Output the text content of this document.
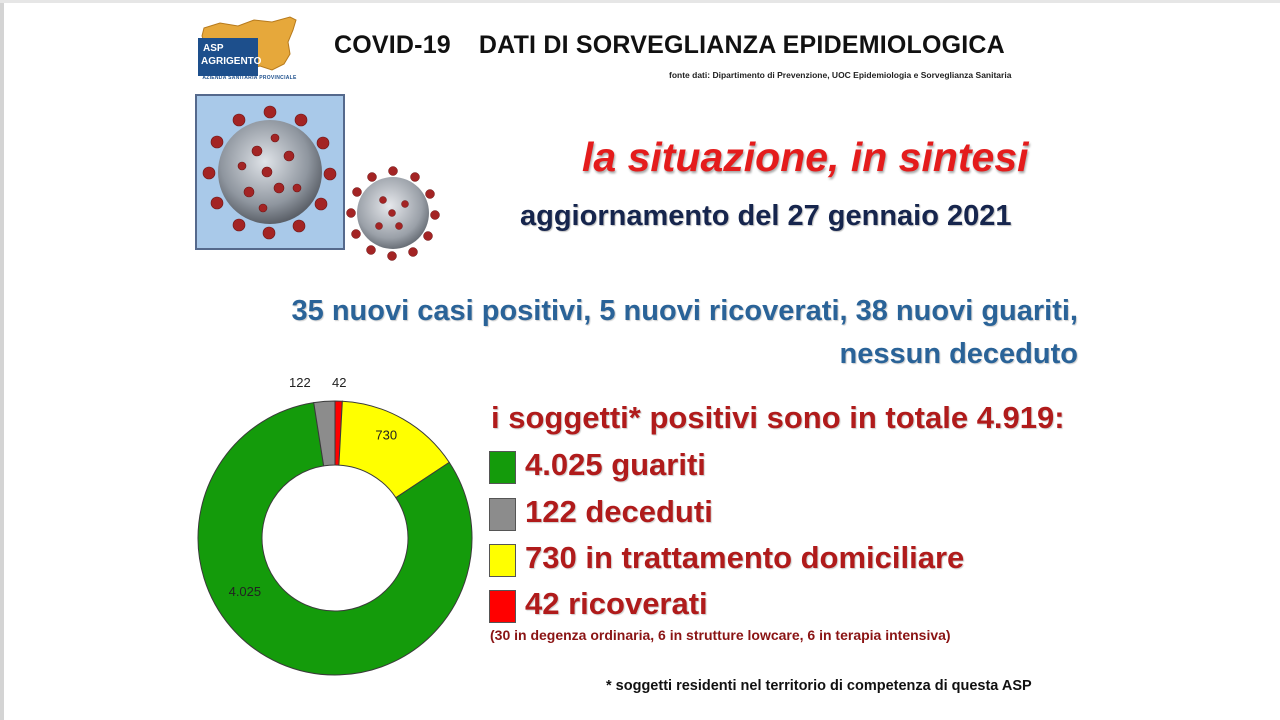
ASP
AGRIGENTO
AZIENDA SANITARIA PROVINCIALE
COVID-19 DATI DI SORVEGLIANZA EPIDEMIOLOGICA
fonte dati: Dipartimento di Prevenzione, UOC Epidemiologia e Sorveglianza Sanitaria
la situazione, in sintesi
aggiornamento del 27 gennaio 2021
35 nuovi casi positivi, 5 nuovi ricoverati, 38 nuovi guariti,
nessun deceduto
730
4.025
122 42
i soggetti* positivi sono in totale 4.919:
4.025 guariti
122 deceduti
730 in trattamento domiciliare
42 ricoverati
(30 in degenza ordinaria, 6 in strutture lowcare, 6 in terapia intensiva)
* soggetti residenti nel territorio di competenza di questa ASP
